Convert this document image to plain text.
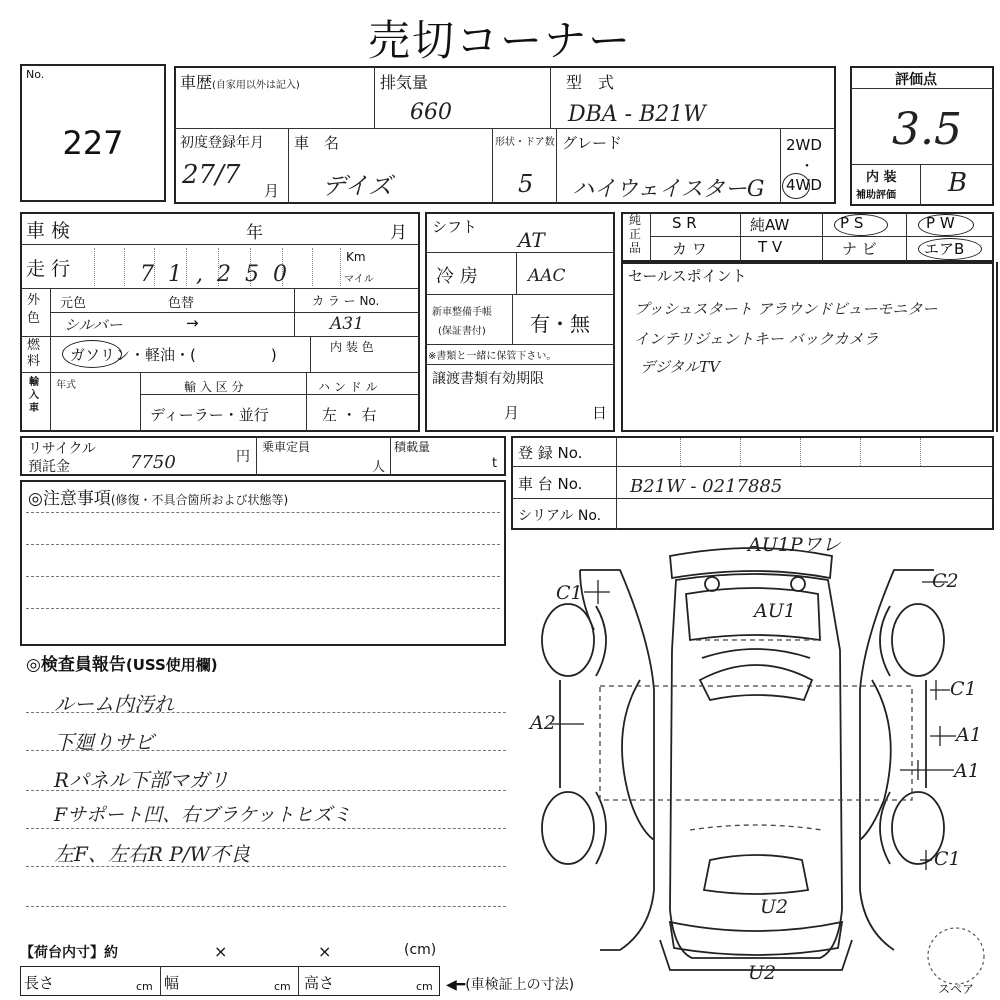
売切コーナー
No.
227
車歴(自家用以外は記入)	排気量
660
型　式
DBA - B21W
初度登録年月
27/7
月
車　名
デイズ
形状・ドア数
5
グレード
ハイウェイスターG
2WD
・
4WD
評価点
3.5
内 装
補助評価 B
車 検	年	月
走 行	71,250
Km
マイル
外色
元色	色替	カ ラ ー No.
シルバー	→	A31
燃料 ガソリン・軽油・(　　　　　)	内 装 色
輸入車
年式	輸 入 区 分
ディーラー・並行
ハ ン ド ル
左 ・ 右
シフト
AT
冷 房	AAC
新車整備手帳
(保証書付) 有・無
※書類と一緒に保管下さい。
譲渡書類有効期限
月	日
純正品
S R	純AW	P S	P W
カ ワ	T V	ナ ビ	エアB
セールスポイント
プッシュスタート アラウンドビューモニター
インテリジェントキー バックカメラ
デジタルTV
リサイクル
預託金	7750	円
乗車定員
人
積載量
t
登 録 No.
車 台 No.	B21W - 0217885
シリアル No.
◎注意事項(修復・不具合箇所および状態等)
◎検査員報告(USS使用欄)
ルーム内汚れ
下廻りサビ
Rパネル下部マガリ
Fサポート凹、右ブラケットヒズミ
左F、左右R P/W不良
【荷台内寸】約	×	×	(cm)
長さ	cm 幅	cm 高さ	cm ◀━(車検証上の寸法)
AU1Pワレ
AU1
C1
C2
A2
C1
A1
A1
C1
U2
U2
スペア
